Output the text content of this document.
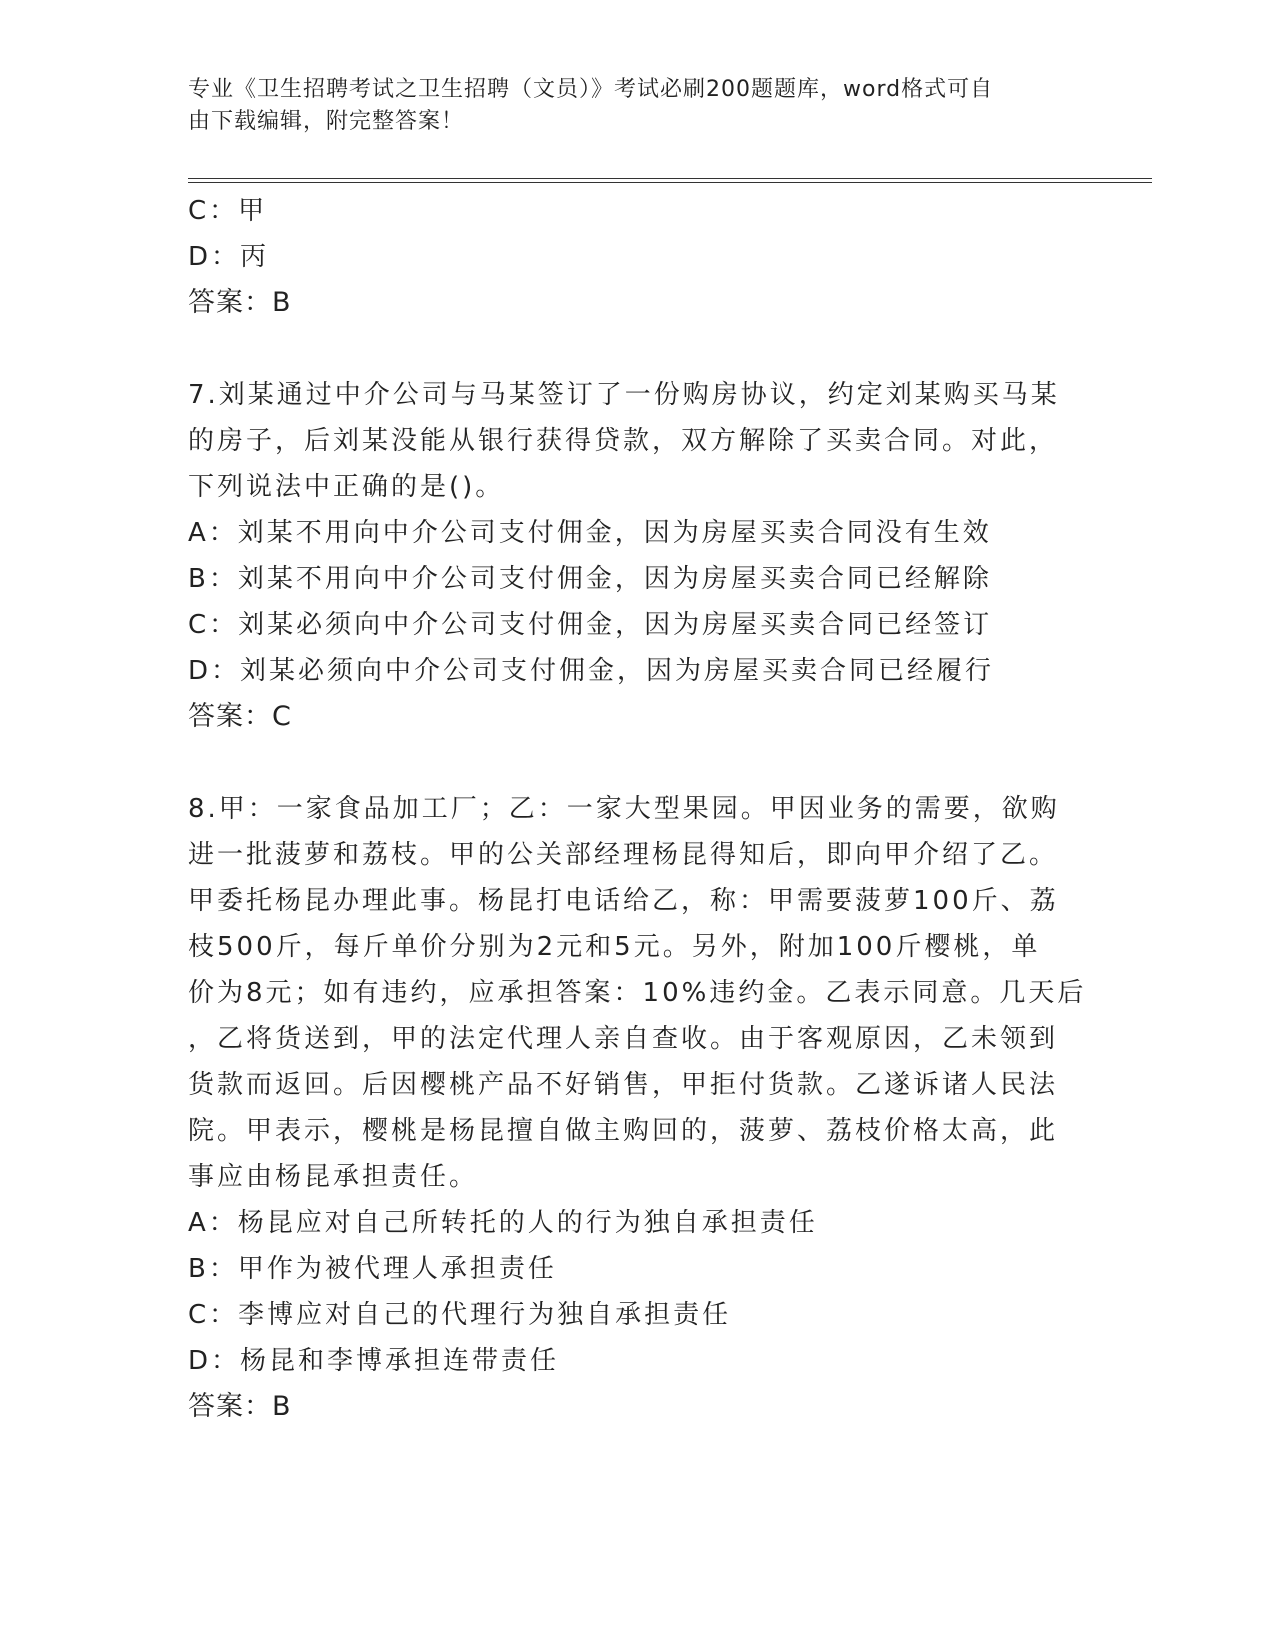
专业《卫生招聘考试之卫生招聘（文员）》考试必刷200题题库，word格式可自
由下载编辑，附完整答案！
C：甲
D：丙
答案：B
7.刘某通过中介公司与马某签订了一份购房协议，约定刘某购买马某
的房子，后刘某没能从银行获得贷款，双方解除了买卖合同。对此，
下列说法中正确的是()。
A：刘某不用向中介公司支付佣金，因为房屋买卖合同没有生效
B：刘某不用向中介公司支付佣金，因为房屋买卖合同已经解除
C：刘某必须向中介公司支付佣金，因为房屋买卖合同已经签订
D：刘某必须向中介公司支付佣金，因为房屋买卖合同已经履行
答案：C
8.甲：一家食品加工厂；乙：一家大型果园。甲因业务的需要，欲购
进一批菠萝和荔枝。甲的公关部经理杨昆得知后，即向甲介绍了乙。
甲委托杨昆办理此事。杨昆打电话给乙，称：甲需要菠萝100斤、荔
枝500斤，每斤单价分别为2元和5元。另外，附加100斤樱桃，单
价为8元；如有违约，应承担答案：10%违约金。乙表示同意。几天后
，乙将货送到，甲的法定代理人亲自查收。由于客观原因，乙未领到
货款而返回。后因樱桃产品不好销售，甲拒付货款。乙遂诉诸人民法
院。甲表示，樱桃是杨昆擅自做主购回的，菠萝、荔枝价格太高，此
事应由杨昆承担责任。
A：杨昆应对自己所转托的人的行为独自承担责任
B：甲作为被代理人承担责任
C：李博应对自己的代理行为独自承担责任
D：杨昆和李博承担连带责任
答案：B
